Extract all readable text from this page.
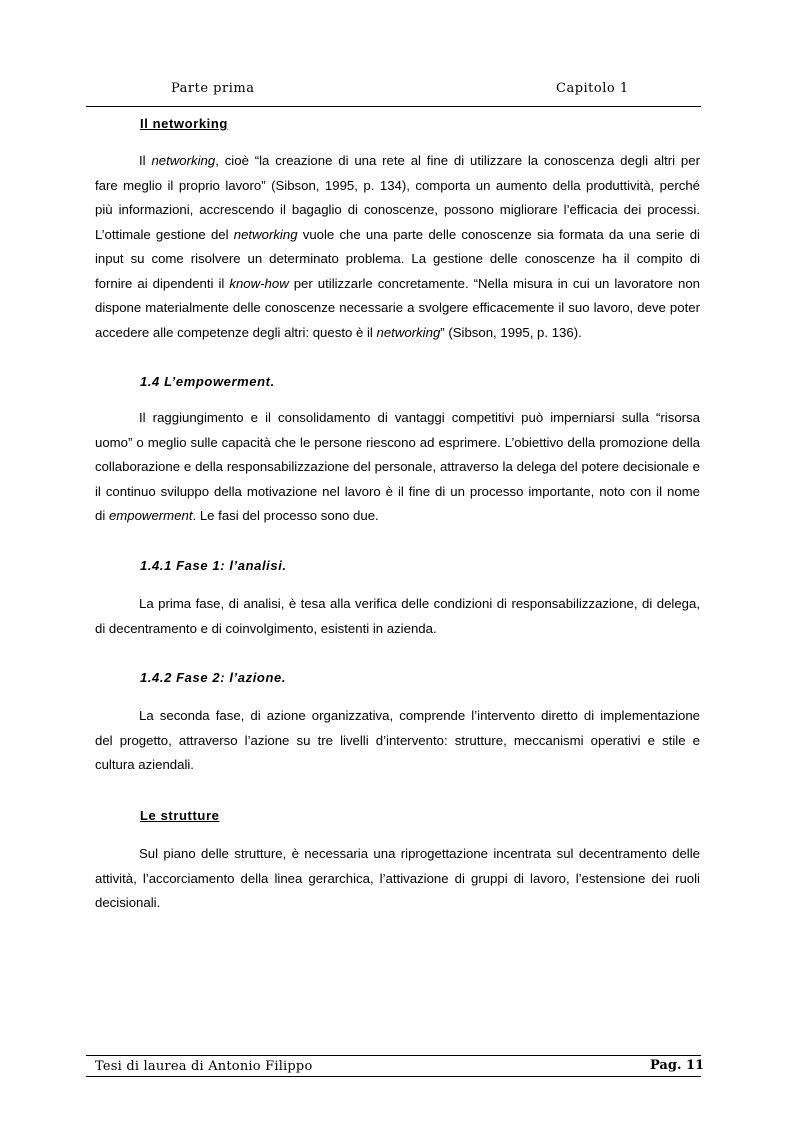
Parte prima	Capitolo 1
Il networking
Il networking, cioè “la creazione di una rete al fine di utilizzare la conoscenza degli altri per
fare meglio il proprio lavoro” (Sibson, 1995, p. 134), comporta un aumento della produttività, perché
più informazioni, accrescendo il bagaglio di conoscenze, possono migliorare l’efficacia dei processi.
L’ottimale gestione del networking vuole che una parte delle conoscenze sia formata da una serie di
input su come risolvere un determinato problema. La gestione delle conoscenze ha il compito di
fornire ai dipendenti il know-how per utilizzarle concretamente. “Nella misura in cui un lavoratore non
dispone materialmente delle conoscenze necessarie a svolgere efficacemente il suo lavoro, deve poter
accedere alle competenze degli altri: questo è il networking” (Sibson, 1995, p. 136).
1.4 L’empowerment.
Il raggiungimento e il consolidamento di vantaggi competitivi può imperniarsi sulla “risorsa
uomo” o meglio sulle capacità che le persone riescono ad esprimere. L’obiettivo della promozione della
collaborazione e della responsabilizzazione del personale, attraverso la delega del potere decisionale e
il continuo sviluppo della motivazione nel lavoro è il fine di un processo importante, noto con il nome
di empowerment. Le fasi del processo sono due.
1.4.1 Fase 1: l’analisi.
La prima fase, di analisi, è tesa alla verifica delle condizioni di responsabilizzazione, di delega,
di decentramento e di coinvolgimento, esistenti in azienda.
1.4.2 Fase 2: l’azione.
La seconda fase, di azione organizzativa, comprende l’intervento diretto di implementazione
del progetto, attraverso l’azione su tre livelli d’intervento: strutture, meccanismi operativi e stile e
cultura aziendali.
Le strutture
Sul piano delle strutture, è necessaria una riprogettazione incentrata sul decentramento delle
attività, l’accorciamento della linea gerarchica, l’attivazione di gruppi di lavoro, l’estensione dei ruoli
decisionali.
Tesi di laurea di Antonio Filippo	Pag. 11
